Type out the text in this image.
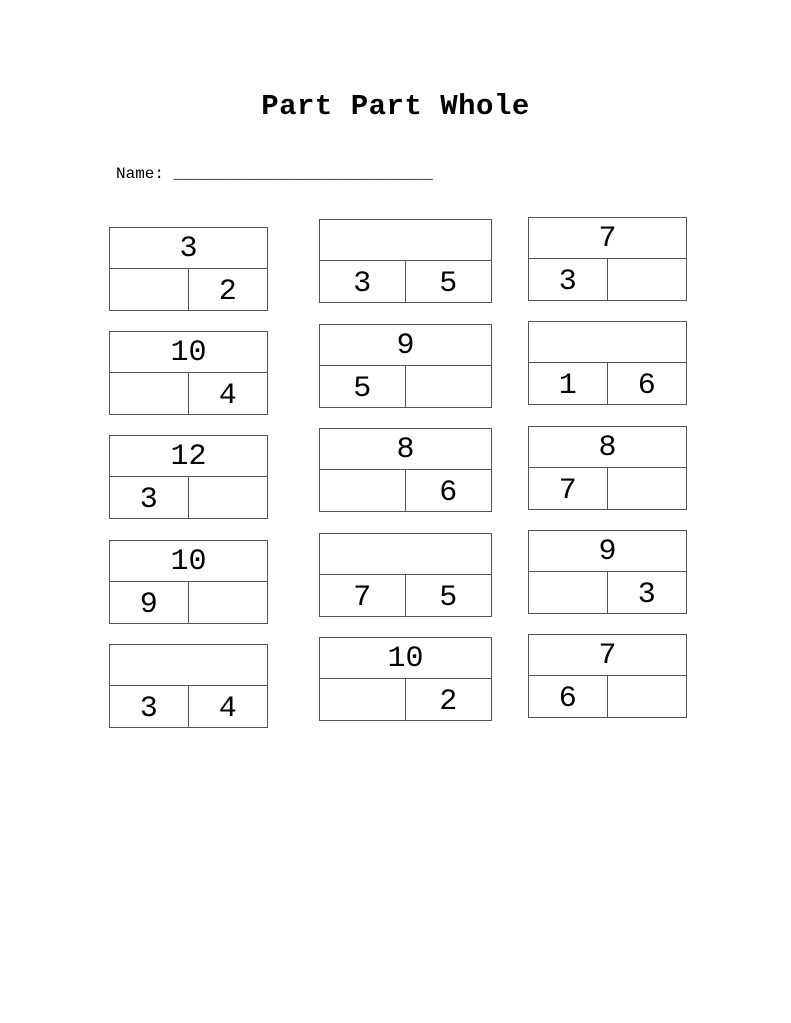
Part Part Whole
Name: ___________________________
3
2	3	5
7
3
10
4
9
5	1	6
12
3
8
6
8
7
10
9	7	5
9
3
3	4
10
2
7
6
